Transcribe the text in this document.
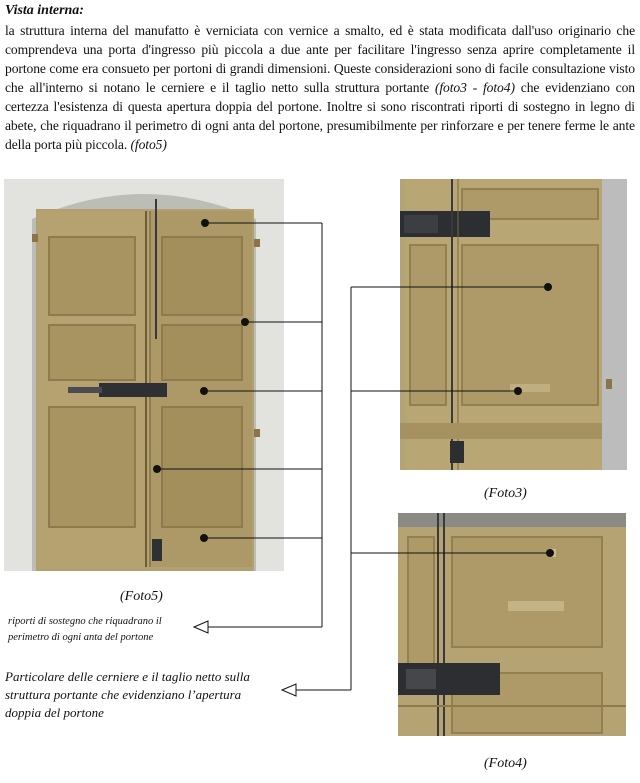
Vista interna:
la struttura interna del manufatto è verniciata con vernice a smalto, ed è stata modificata dall'uso originario che comprendeva una porta d'ingresso più piccola a due ante per facilitare l'ingresso senza aprire completamente il portone come era consueto per portoni di grandi dimensioni. Queste considerazioni sono di facile consultazione visto che all'interno si notano le cerniere e il taglio netto sulla struttura portante (foto3 - foto4) che evidenziano con certezza l'esistenza di questa apertura doppia del portone. Inoltre si sono riscontrati riporti di sostegno in legno di abete, che riquadrano il perimetro di ogni anta del portone, presumibilmente per rinforzare e per tenere ferme le ante della porta più piccola. (foto5)
(Foto5)
(Foto3)
(Foto4)
riporti di sostegno che riquadrano il perimetro di ogni anta del portone
Particolare delle cerniere e il taglio netto sulla struttura portante che evidenziano l’apertura doppia del portone
